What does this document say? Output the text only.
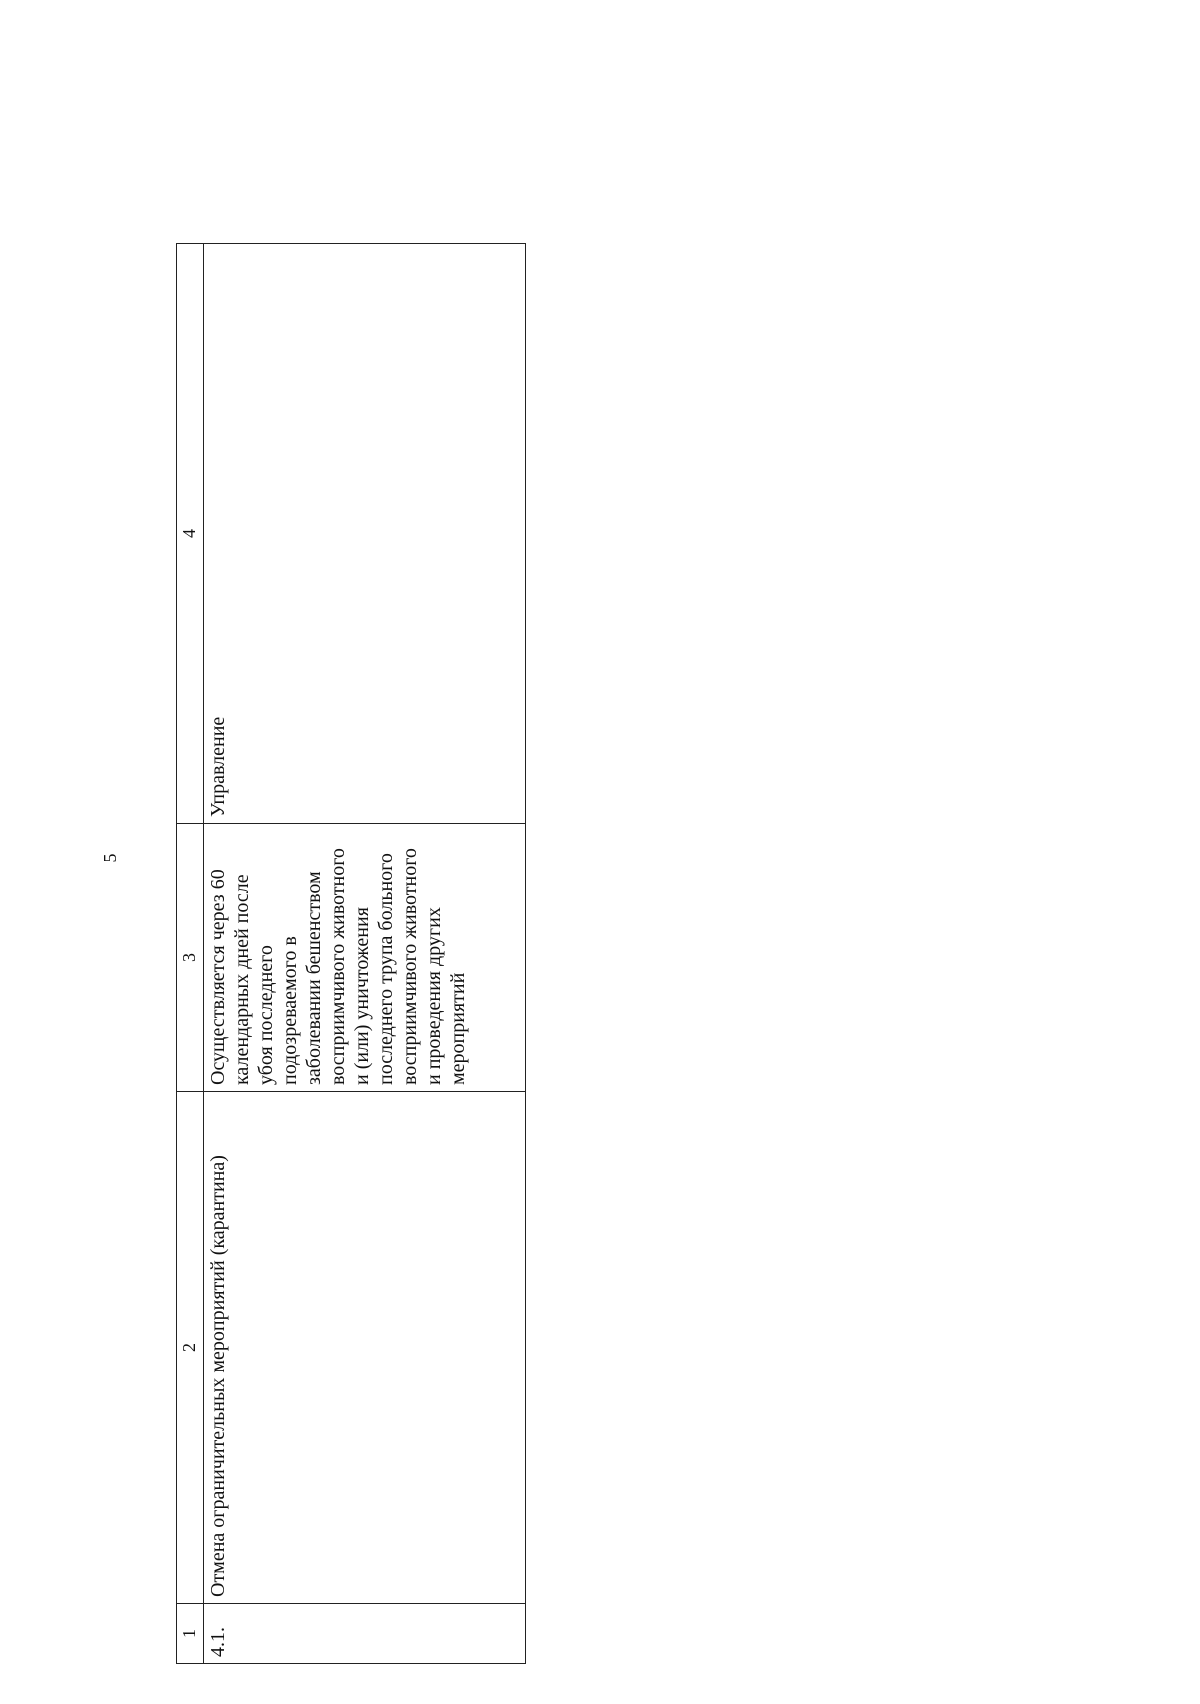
5
1	2	3	4

4.1.	Отмена ограничительных мероприятий (карантина)	Осуществляется через 60 календарных дней после убоя последнего подозреваемого в заболевании бешенством восприимчивого животного и (или) уничтожения последнего трупа больного восприимчивого животного и проведения других мероприятий	Управление
